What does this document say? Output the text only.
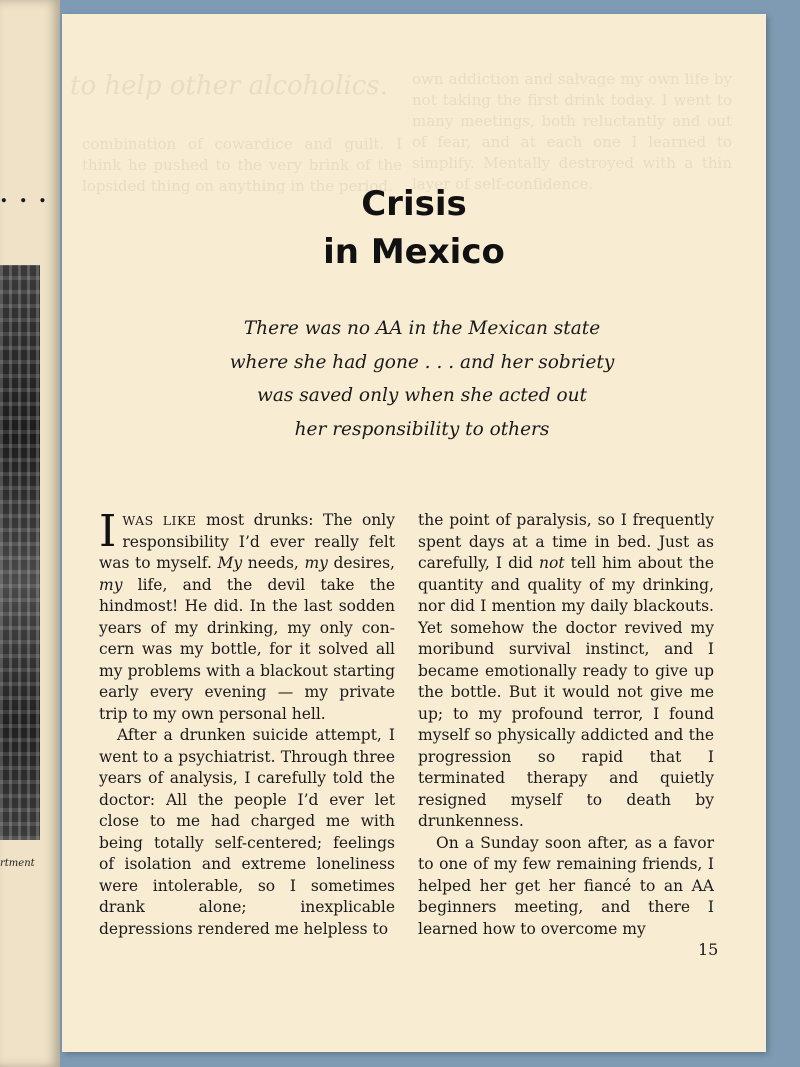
. . .
rtment
to help other alcoholics. own addiction and salvage my own life by not taking the first drink today. I went to many meetings, both reluctantly and out of fear, and at each one I learned to simplify. Mentally destroyed with a thin layer of self-confidence.
combination of cowardice and guilt. I think he pushed to the very brink of the lopsided thing on anything in the period.
Crisis
in Mexico
There was no AA in the Mexican state
where she had gone . . . and her sobriety
was saved only when she acted out
her responsibility to others

IWAS LIKE most drunks: The only responsibility I’d ever really felt was to myself. My needs, my desires, my life, and the devil take the hindmost! He did. In the last sodden years of my drinking, my only concern was my bottle, for it solved all my problems with a blackout starting early every evening — my private trip to my own personal hell.

After a drunken suicide attempt, I went to a psychiatrist. Through three years of analysis, I carefully told the doctor: All the people I’d ever let close to me had charged me with being totally self-centered; feelings of isolation and extreme loneliness were intolerable, so I sometimes drank alone; inexplicable depressions rendered me helpless to

the point of paralysis, so I frequently spent days at a time in bed. Just as carefully, I did not tell him about the quantity and quality of my drinking, nor did I mention my daily blackouts. Yet somehow the doctor revived my moribund survival instinct, and I became emotionally ready to give up the bottle. But it would not give me up; to my profound terror, I found myself so physically addicted and the progression so rapid that I terminated therapy and quietly resigned myself to death by drunkenness.

On a Sunday soon after, as a favor to one of my few remaining friends, I helped her get her fiancé to an AA beginners meeting, and there I learned how to overcome my

15
